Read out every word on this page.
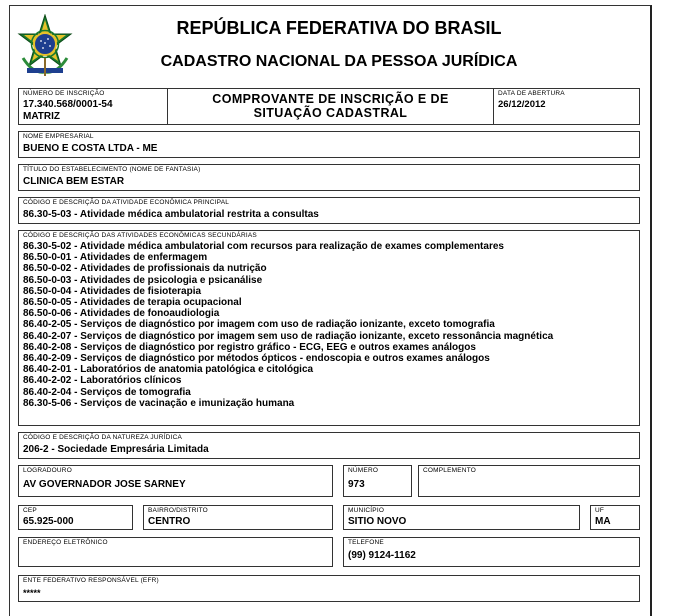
REPÚBLICA FEDERATIVA DO BRASIL
CADASTRO NACIONAL DA PESSOA JURÍDICA
NÚMERO DE INSCRIÇÃO
17.340.568/0001-54
MATRIZ
COMPROVANTE DE INSCRIÇÃO E DE
SITUAÇÃO CADASTRAL
DATA DE ABERTURA
26/12/2012
NOME EMPRESARIAL
BUENO E COSTA LTDA - ME
TÍTULO DO ESTABELECIMENTO (NOME DE FANTASIA)
CLINICA BEM ESTAR
CÓDIGO E DESCRIÇÃO DA ATIVIDADE ECONÔMICA PRINCIPAL
86.30-5-03 - Atividade médica ambulatorial restrita a consultas
CÓDIGO E DESCRIÇÃO DAS ATIVIDADES ECONÔMICAS SECUNDÁRIAS
86.30-5-02 - Atividade médica ambulatorial com recursos para realização de exames complementares
86.50-0-01 - Atividades de enfermagem
86.50-0-02 - Atividades de profissionais da nutrição
86.50-0-03 - Atividades de psicologia e psicanálise
86.50-0-04 - Atividades de fisioterapia
86.50-0-05 - Atividades de terapia ocupacional
86.50-0-06 - Atividades de fonoaudiologia
86.40-2-05 - Serviços de diagnóstico por imagem com uso de radiação ionizante, exceto tomografia
86.40-2-07 - Serviços de diagnóstico por imagem sem uso de radiação ionizante, exceto ressonância magnética
86.40-2-08 - Serviços de diagnóstico por registro gráfico - ECG, EEG e outros exames análogos
86.40-2-09 - Serviços de diagnóstico por métodos ópticos - endoscopia e outros exames análogos
86.40-2-01 - Laboratórios de anatomia patológica e citológica
86.40-2-02 - Laboratórios clínicos
86.40-2-04 - Serviços de tomografia
86.30-5-06 - Serviços de vacinação e imunização humana
CÓDIGO E DESCRIÇÃO DA NATUREZA JURÍDICA
206-2 - Sociedade Empresária Limitada
LOGRADOURO
AV GOVERNADOR JOSE SARNEY
NÚMERO
973
COMPLEMENTO
CEP
65.925-000
BAIRRO/DISTRITO
CENTRO
MUNICÍPIO
SITIO NOVO
UF
MA
ENDEREÇO ELETRÔNICO	TELEFONE
(99) 9124-1162
ENTE FEDERATIVO RESPONSÁVEL (EFR)
*****
